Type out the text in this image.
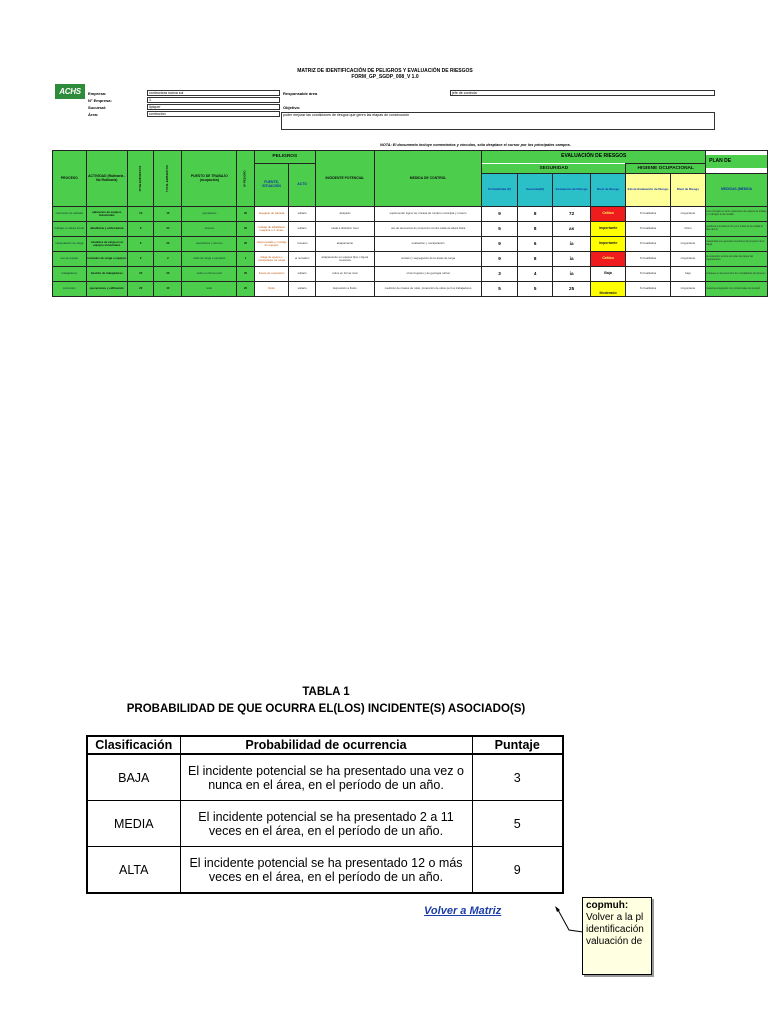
ACHS
MATRIZ DE IDENTIFICACIÓN DE PELIGROS Y EVALUACIÓN DE RIESGOS
FORM_GP_SGDP_008_V 1.0
Empresa:	contructora nueva sol
N° Empresa:	1
Sucursal:	lipiquer
Área:	contrución
Responsable área	jefe de controla
Objetivo:
poder mejorar las condiciones de riesgos que genrn las etapas de construcción
NOTA: El documento incluye comentarios y vínculos, sólo desplace el cursor por los principales campos.
PROCESO	ACTIVIDAD (Rutinaria - No Rutinaria)	Nº DE EXPUESTOS	TOTAL EXPUESTOS	PUESTO DE TRABAJO (ocupación)	Nº PELIGRO	PELIGROS		INCIDENTE POTENCIAL	MEDIDA DE CONTROL	EVALUACIÓN DE RIESGOS						PLAN DE

						FUENTE, SITUACIÓN	ACTO			SEGURIDAD				HIGIENE OCUPACIONAL		
										Probabilidad (P)	Severidad(S)	Evaluación del Riesgo	Nivel de Riesgo	Existe Evaluación de Riesgo	Nivel de Riesgo	MEDIDAS (MEDIDA
contrución de calzada	aplicación de equipos industriales	10	10	operadores	20	desgaste de calzada	soltario	atrapado	suplementar signo/ as, lincasa de rondero municipal y o letero	9	8	72	Crítico	Si Cualitativa	ninguntante	Los recorrigos en lo/os ondersicen de equipos de trabajo y / o ahogos en la medida
trabajos en altura fronte	albañileria y enfierradura	6	24	obreros	20	trabajo de albañileria maquina o 2. arnes	soltario	caida a distintivo nivel	uso de elementos de proteccion contra caida de altura fisica	5	8	as	Importante	Si Cualitativa	critico	guarda la recomida sin fin ya el ordas de la entidad al plan de los
manipulación de carga	traslados de carga en el equipos industriales	6	30	operadores y obreros	20	carga pesada y montaje de equipos	l usuario	atrapamiento	evaluación y manipulación	9	6	ia	Importante	Si Cualitativa	ninguntante	maquinaria que ejecuta la monitoreo del proyecto de la carga
uso de equipo	traslados de carga o equipos	2	2	radio de carga o operador	1	fatiga de equipo y manipulador de carga	el nomatico	atrapamiento en equipos fijos o figura mecanica	revisión y segregación de la áreas de carga	9	8	ia	Crítico	Si Cualitativa	ninguntante	la evaluacion tecnica de todas las partes del equipamiento
trabajadores	Gestión de trabajadores	20	20	todos en forma rural	20	fuente de exposicion	soltario	todos en forma rural	otros hogares y de geologia rutinal	3	4	ia	Baja	Si Cualitativa	baja	enfoques en la prevencion de ri ciudadanos del proceso
contrución	operaciones y edificación	20	40	todo	20	fluido	soltario	Exposición a fluido	medición de niveles de ruido, protección de oidos por los trabajadores	5	5	25	Moderado	Si Cualitativa	ninguntante	maquinas integrados con profesionales de la salud
TABLA 1
PROBABILIDAD DE QUE OCURRA EL(LOS) INCIDENTE(S) ASOCIADO(S)
Clasificación	Probabilidad de ocurrencia	Puntaje
BAJA	El incidente potencial se ha presentado una vez o nunca en el área, en el período de un año.	3
MEDIA	El incidente potencial se ha presentado 2 a 11 veces en el área, en el período de un año.	5
ALTA	El incidente potencial se ha presentado 12 o más veces en el área, en el período de un año.	9
Volver a Matriz	copmuh:
Volver a la pl
identificación
valuación de
